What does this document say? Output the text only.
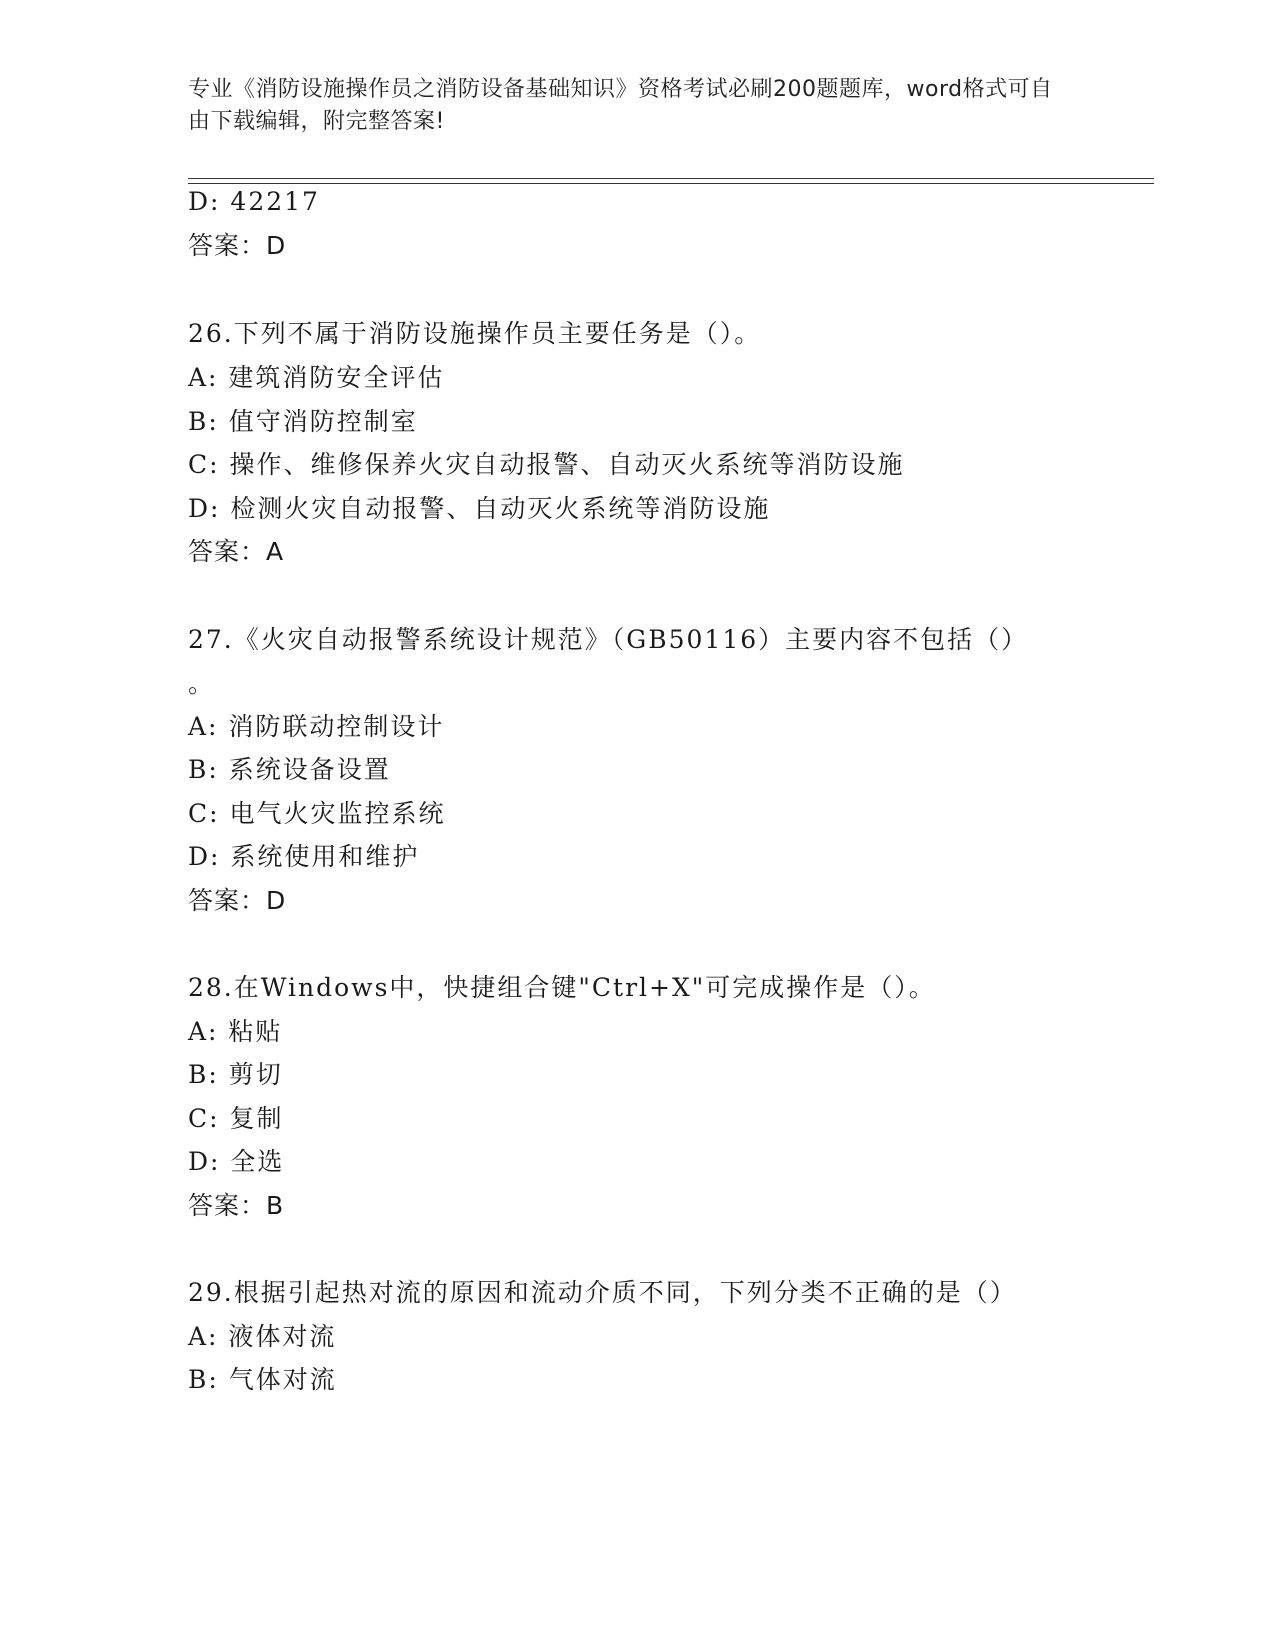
专业《消防设施操作员之消防设备基础知识》资格考试必刷200题题库，word格式可自由下载编辑，附完整答案!
D: 42217
答案：D
26.下列不属于消防设施操作员主要任务是（）。
A: 建筑消防安全评估
B: 值守消防控制室
C: 操作、维修保养火灾自动报警、自动灭火系统等消防设施
D: 检测火灾自动报警、自动灭火系统等消防设施
答案：A
27.《火灾自动报警系统设计规范》（GB50116）主要内容不包括（）
。
A: 消防联动控制设计
B: 系统设备设置
C: 电气火灾监控系统
D: 系统使用和维护
答案：D
28.在Windows中，快捷组合键"Ctrl+X"可完成操作是（）。
A: 粘贴
B: 剪切
C: 复制
D: 全选
答案：B
29.根据引起热对流的原因和流动介质不同，下列分类不正确的是（）
A: 液体对流
B: 气体对流
